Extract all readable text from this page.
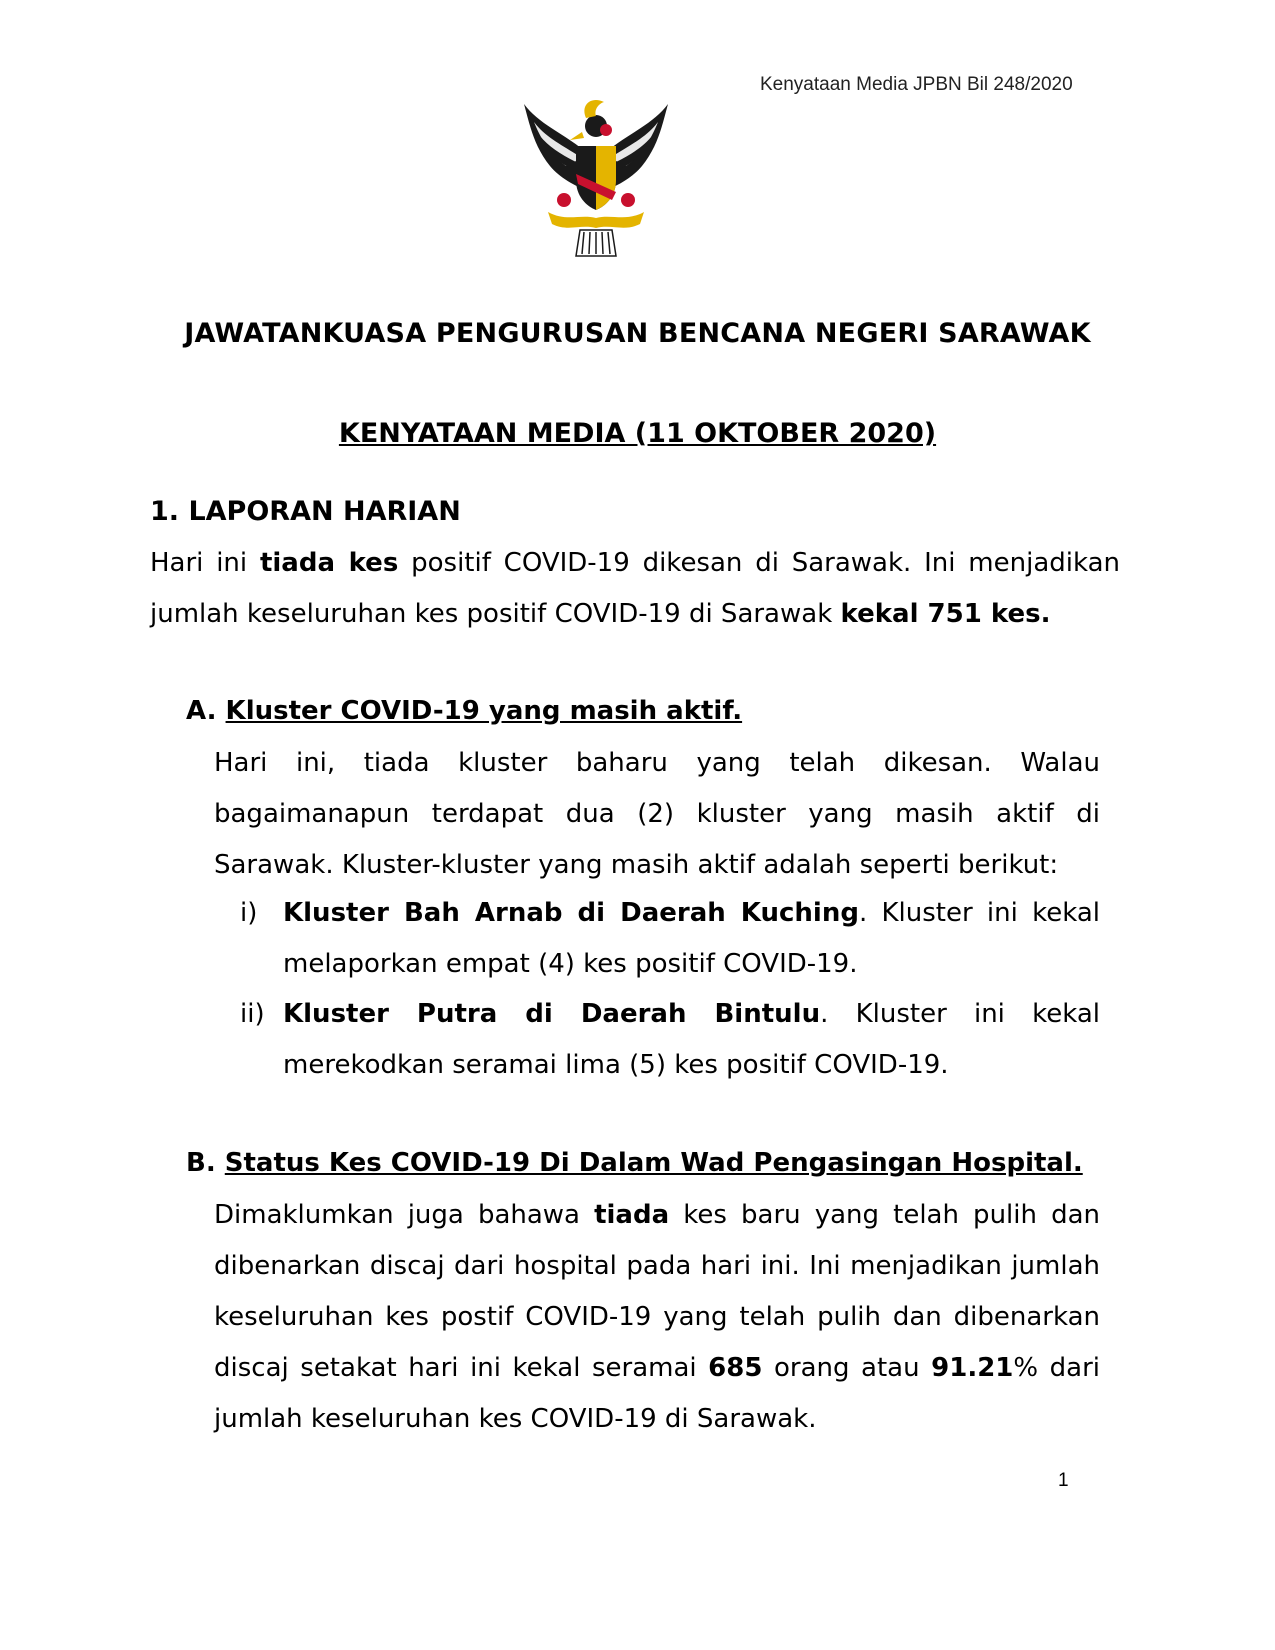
Kenyataan Media JPBN Bil 248/2020
JAWATANKUASA PENGURUSAN BENCANA NEGERI SARAWAK
KENYATAAN MEDIA (11 OKTOBER 2020)
1. LAPORAN HARIAN

Hari ini tiada kes positif COVID-19 dikesan di Sarawak. Ini menjadikan jumlah keseluruhan kes positif COVID-19 di Sarawak kekal 751 kes.

A. Kluster COVID-19 yang masih aktif.

Hari ini, tiada kluster baharu yang telah dikesan. Walau bagaimanapun terdapat dua (2) kluster yang masih aktif di Sarawak. Kluster-kluster yang masih aktif adalah seperti berikut:

i) Kluster Bah Arnab di Daerah Kuching. Kluster ini kekal melaporkan empat (4) kes positif COVID-19.
ii) Kluster Putra di Daerah Bintulu. Kluster ini kekal merekodkan seramai lima (5) kes positif COVID-19.
B. Status Kes COVID-19 Di Dalam Wad Pengasingan Hospital.

Dimaklumkan juga bahawa tiada kes baru yang telah pulih dan dibenarkan discaj dari hospital pada hari ini. Ini menjadikan jumlah keseluruhan kes postif COVID-19 yang telah pulih dan dibenarkan discaj setakat hari ini kekal seramai 685 orang atau 91.21% dari jumlah keseluruhan kes COVID-19 di Sarawak.

1
